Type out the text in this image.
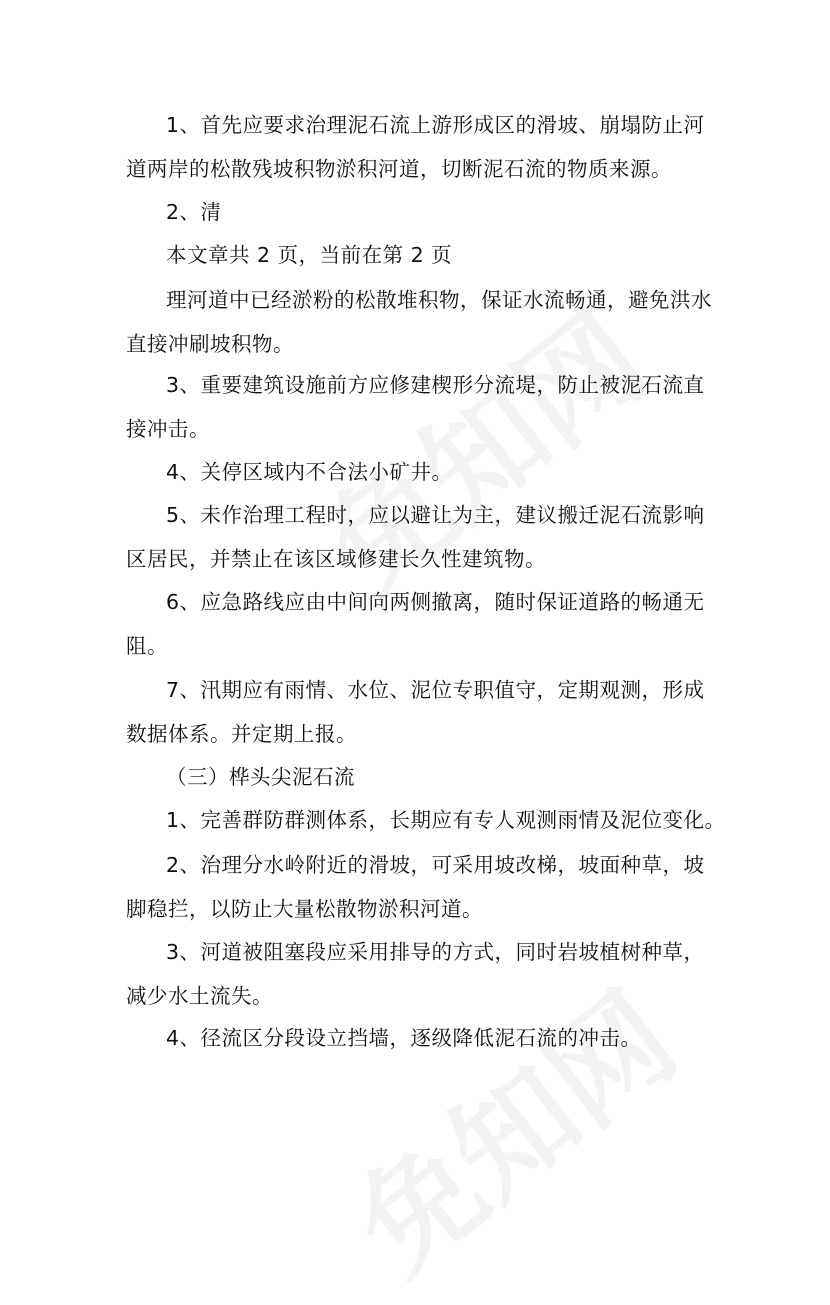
1、首先应要求治理泥石流上游形成区的滑坡、崩塌防止河
道两岸的松散残坡积物淤积河道，切断泥石流的物质来源。
2、清
本文章共 2 页，当前在第 2 页
理河道中已经淤粉的松散堆积物，保证水流畅通，避免洪水
直接冲刷坡积物。
3、重要建筑设施前方应修建楔形分流堤，防止被泥石流直
接冲击。
4、关停区域内不合法小矿井。
5、未作治理工程时，应以避让为主，建议搬迁泥石流影响
区居民，并禁止在该区域修建长久性建筑物。
6、应急路线应由中间向两侧撤离，随时保证道路的畅通无
阻。
7、汛期应有雨情、水位、泥位专职值守，定期观测，形成
数据体系。并定期上报。
（三）桦头尖泥石流
1、完善群防群测体系，长期应有专人观测雨情及泥位变化。
2、治理分水岭附近的滑坡，可采用坡改梯，坡面种草，坡
脚稳拦，以防止大量松散物淤积河道。
3、河道被阻塞段应采用排导的方式，同时岩坡植树种草，
减少水土流失。
4、径流区分段设立挡墙，逐级降低泥石流的冲击。
